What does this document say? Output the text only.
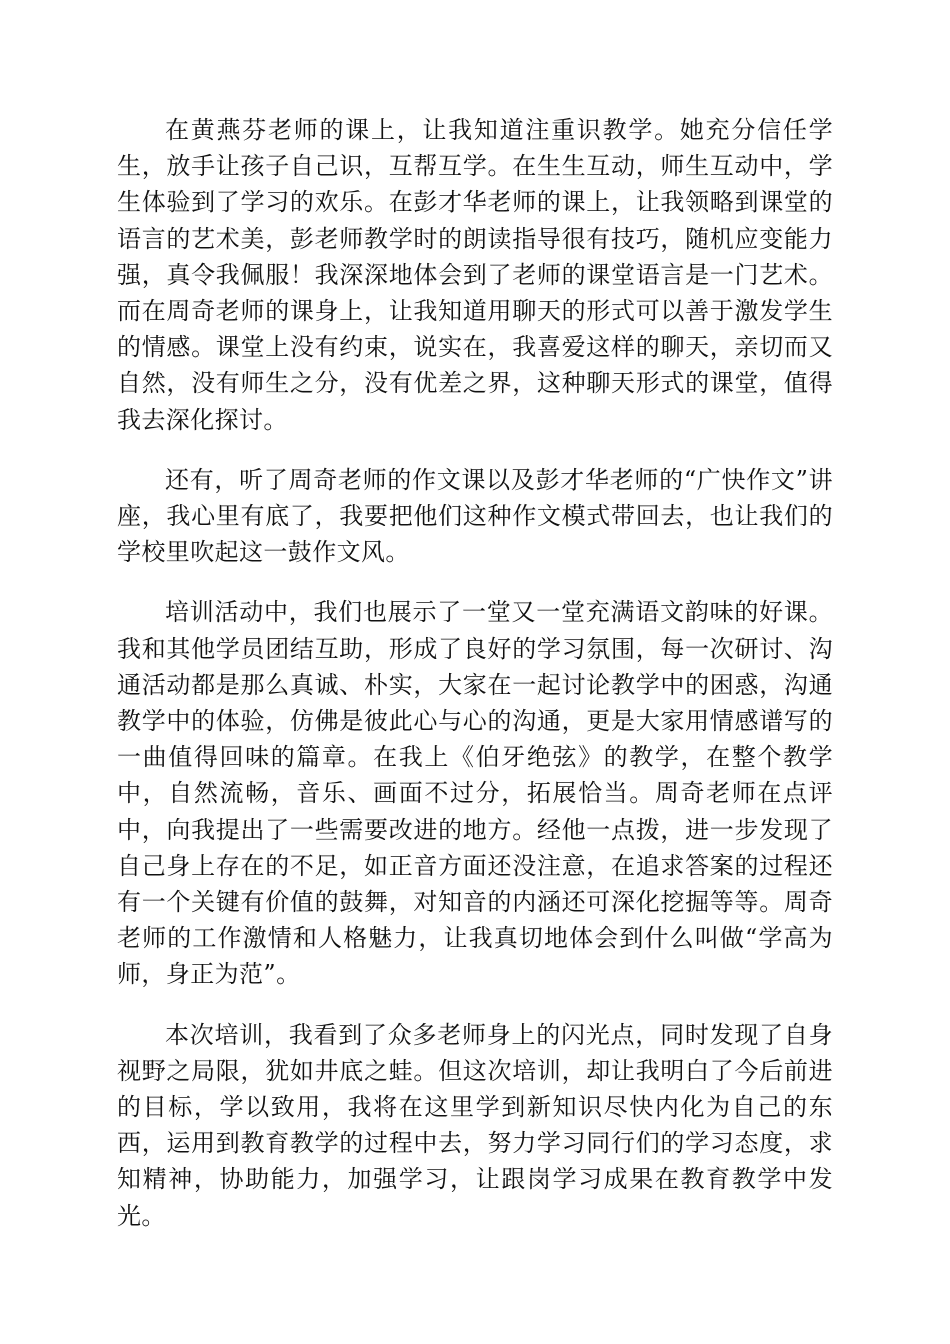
在黄燕芬老师的课上，让我知道注重识教学。她充分信任学生，放手让孩子自己识，互帮互学。在生生互动，师生互动中，学生体验到了学习的欢乐。在彭才华老师的课上，让我领略到课堂的语言的艺术美，彭老师教学时的朗读指导很有技巧，随机应变能力强，真令我佩服！我深深地体会到了老师的课堂语言是一门艺术。而在周奇老师的课身上，让我知道用聊天的形式可以善于激发学生的情感。课堂上没有约束，说实在，我喜爱这样的聊天，亲切而又自然，没有师生之分，没有优差之界，这种聊天形式的课堂，值得我去深化探讨。

还有，听了周奇老师的作文课以及彭才华老师的“广快作文”讲座，我心里有底了，我要把他们这种作文模式带回去，也让我们的学校里吹起这一鼓作文风。

培训活动中，我们也展示了一堂又一堂充满语文韵味的好课。我和其他学员团结互助，形成了良好的学习氛围，每一次研讨、沟通活动都是那么真诚、朴实，大家在一起讨论教学中的困惑，沟通教学中的体验，仿佛是彼此心与心的沟通，更是大家用情感谱写的一曲值得回味的篇章。在我上《伯牙绝弦》的教学，在整个教学中，自然流畅，音乐、画面不过分，拓展恰当。周奇老师在点评中，向我提出了一些需要改进的地方。经他一点拨，进一步发现了自己身上存在的不足，如正音方面还没注意，在追求答案的过程还有一个关键有价值的鼓舞，对知音的内涵还可深化挖掘等等。周奇老师的工作激情和人格魅力，让我真切地体会到什么叫做“学高为师，身正为范”。

本次培训，我看到了众多老师身上的闪光点，同时发现了自身视野之局限，犹如井底之蛙。但这次培训，却让我明白了今后前进的目标，学以致用，我将在这里学到新知识尽快内化为自己的东西，运用到教育教学的过程中去，努力学习同行们的学习态度，求知精神，协助能力，加强学习，让跟岗学习成果在教育教学中发光。
